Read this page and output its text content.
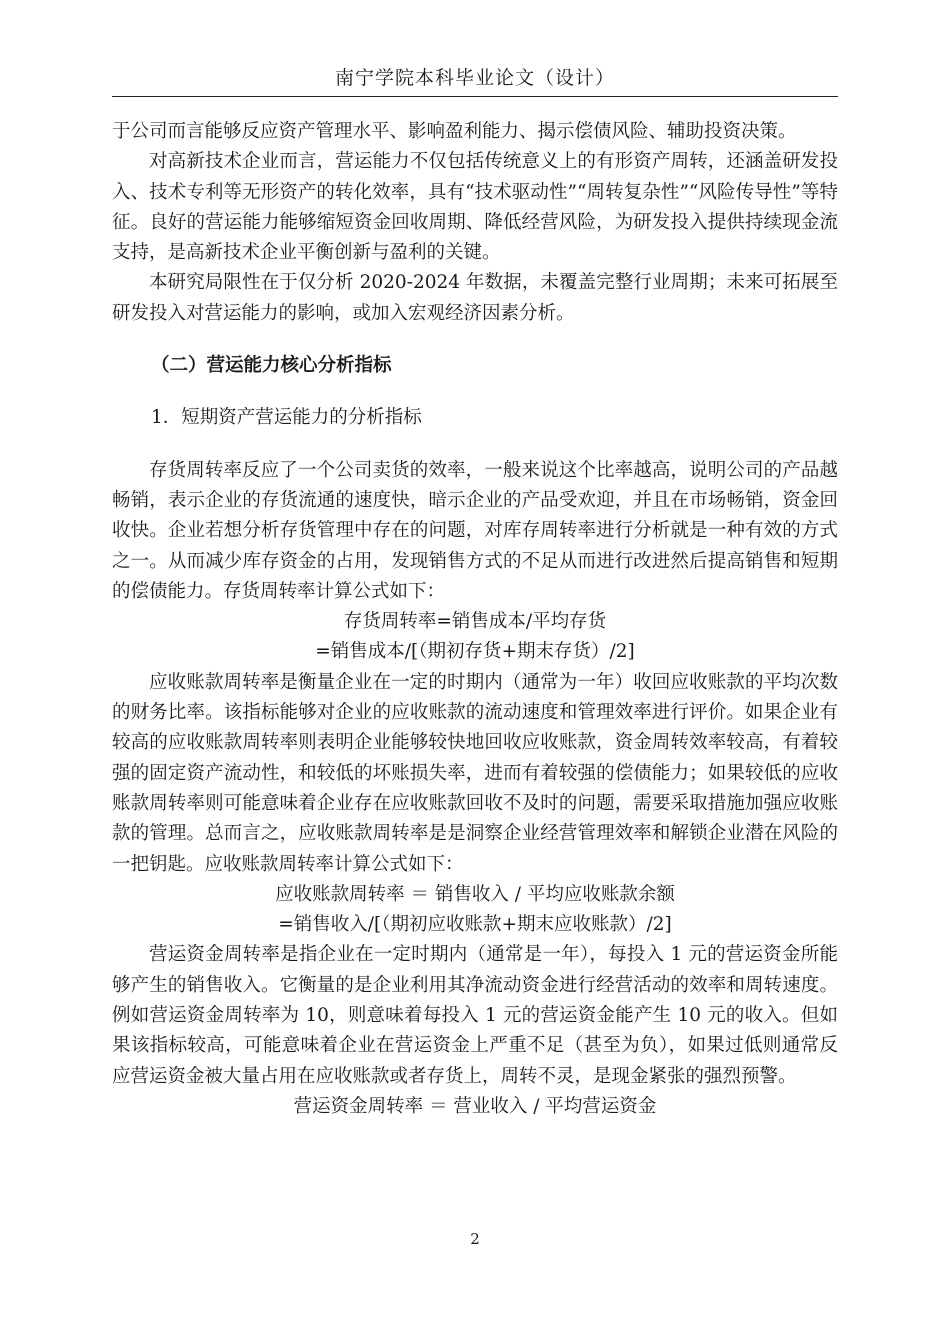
南宁学院本科毕业论文（设计）

于公司而言能够反应资产管理水平、影响盈利能力、揭示偿债风险、辅助投资决策。

对高新技术企业而言，营运能力不仅包括传统意义上的有形资产周转，还涵盖研发投入、技术专利等无形资产的转化效率，具有“技术驱动性”“周转复杂性”“风险传导性”等特征。良好的营运能力能够缩短资金回收周期、降低经营风险，为研发投入提供持续现金流支持，是高新技术企业平衡创新与盈利的关键。

本研究局限性在于仅分析 2020-2024 年数据，未覆盖完整行业周期；未来可拓展至研发投入对营运能力的影响，或加入宏观经济因素分析。

（二）营运能力核心分析指标

1．短期资产营运能力的分析指标

存货周转率反应了一个公司卖货的效率，一般来说这个比率越高，说明公司的产品越畅销，表示企业的存货流通的速度快，暗示企业的产品受欢迎，并且在市场畅销，资金回收快。企业若想分析存货管理中存在的问题，对库存周转率进行分析就是一种有效的方式之一。从而减少库存资金的占用，发现销售方式的不足从而进行改进然后提高销售和短期的偿债能力。存货周转率计算公式如下：

存货周转率=销售成本/平均存货

=销售成本/[（期初存货+期末存货）/2]

应收账款周转率是衡量企业在一定的时期内（通常为一年）收回应收账款的平均次数的财务比率。该指标能够对企业的应收账款的流动速度和管理效率进行评价。如果企业有较高的应收账款周转率则表明企业能够较快地回收应收账款，资金周转效率较高，有着较强的固定资产流动性，和较低的坏账损失率，进而有着较强的偿债能力；如果较低的应收账款周转率则可能意味着企业存在应收账款回收不及时的问题，需要采取措施加强应收账款的管理。总而言之，应收账款周转率是是洞察企业经营管理效率和解锁企业潜在风险的一把钥匙。应收账款周转率计算公式如下：

应收账款周转率 ＝ 销售收入 / 平均应收账款余额

=销售收入/[（期初应收账款+期末应收账款）/2]

营运资金周转率是指企业在一定时期内（通常是一年），每投入 1 元的营运资金所能够产生的销售收入。它衡量的是企业利用其净流动资金进行经营活动的效率和周转速度。例如营运资金周转率为 10，则意味着每投入 1 元的营运资金能产生 10 元的收入。但如果该指标较高，可能意味着企业在营运资金上严重不足（甚至为负），如果过低则通常反应营运资金被大量占用在应收账款或者存货上，周转不灵，是现金紧张的强烈预警。

营运资金周转率 ＝ 营业收入 / 平均营运资金

2
